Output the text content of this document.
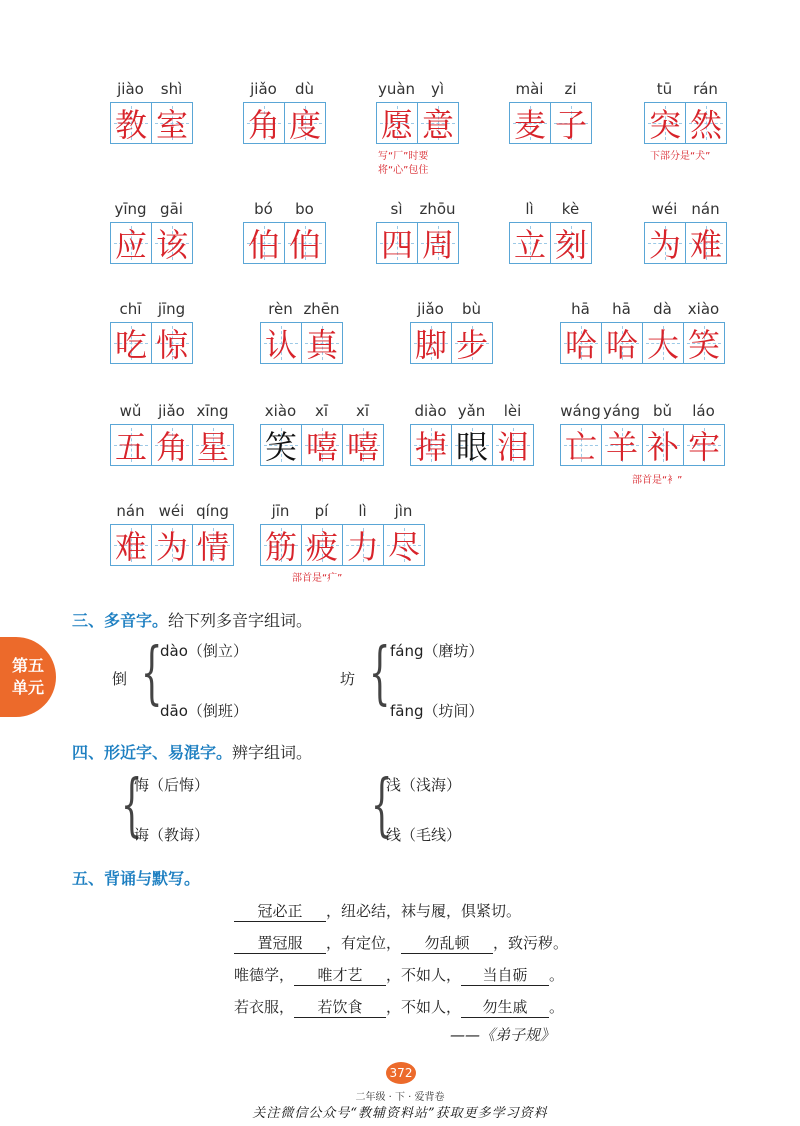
jiào	shì
教 室
jiǎo	dù
角 度
yuàn	yì
愿 意
mài	zi
麦 子
tū	rán
突 然
yīng gāi
应 该
bó	bo
伯 伯
sì	zhōu
四 周
lì	kè
立 刻
wéi nán
为 难
chī	jīng
吃 惊
rèn zhēn
认 真
jiǎo	bù
脚 步
hā	hā	dà	xiào
哈 哈 大 笑
wǔ	jiǎo xīng
五 角 星
xiào	xī	xī
笑 嘻 嘻
diào yǎn	lèi
掉 眼 泪
wáng yáng bǔ	láo
亡 羊 补 牢
nán wéi qíng
难 为 情
jīn	pí	lì	jìn
筋 疲 力 尽
写“厂”时要
将“心”包住
下部分是“犬”
部首是“衤”
部首是“疒”
第五
单元
三、多音字。给下列多音字组词。
倒 {
dào（倒立）
dāo（倒班）
坊 { fáng（磨坊）
fāng（坊间）
四、形近字、易混字。辨字组词。
{
悔（后悔）
诲（教诲） {
浅（浅海）
线（毛线）
五、背诵与默写。
冠必正 ，纽必结，袜与履，俱紧切。
置冠服 ，有定位， 勿乱顿 ，致污秽。
唯德学， 唯才艺 ，不如人， 当自砺 。
若衣服， 若饮食 ，不如人， 勿生戚 。
——《弟子规》
372
二年级 · 下 · 爱背卷
关注微信公众号“教辅资料站”获取更多学习资料
